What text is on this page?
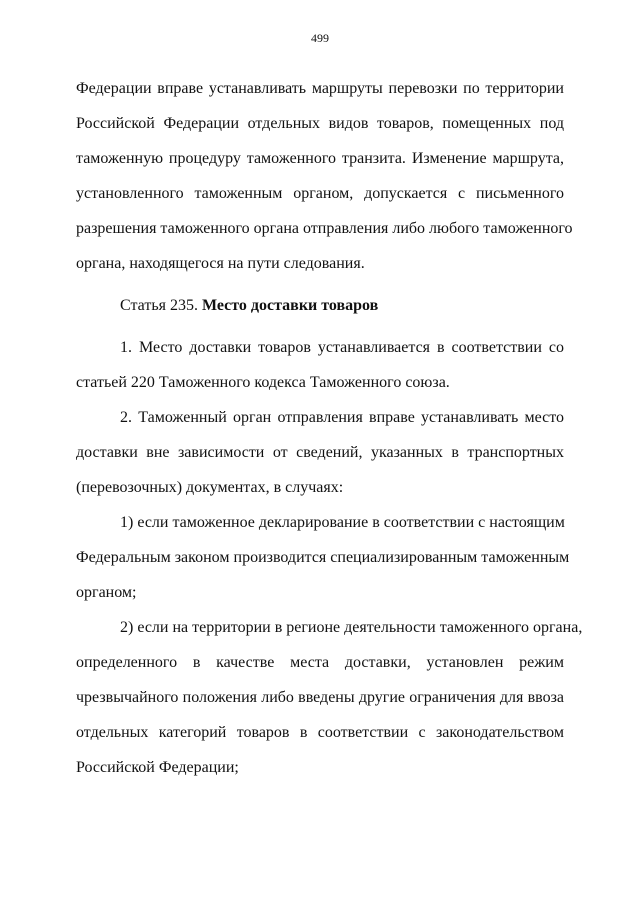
499
Федерации вправе устанавливать маршруты перевозки по территории
Российской Федерации отдельных видов товаров, помещенных под
таможенную процедуру таможенного транзита. Изменение маршрута,
установленного таможенным органом, допускается с письменного
разрешения таможенного органа отправления либо любого таможенного
органа, находящегося на пути следования.
Статья 235. Место доставки товаров
1. Место доставки товаров устанавливается в соответствии со
статьей 220 Таможенного кодекса Таможенного союза.
2. Таможенный орган отправления вправе устанавливать место
доставки вне зависимости от сведений, указанных в транспортных
(перевозочных) документах, в случаях:
1) если таможенное декларирование в соответствии с настоящим
Федеральным законом производится специализированным таможенным
органом;
2) если на территории в регионе деятельности таможенного органа,
определенного в качестве места доставки, установлен режим
чрезвычайного положения либо введены другие ограничения для ввоза
отдельных категорий товаров в соответствии с законодательством
Российской Федерации;
